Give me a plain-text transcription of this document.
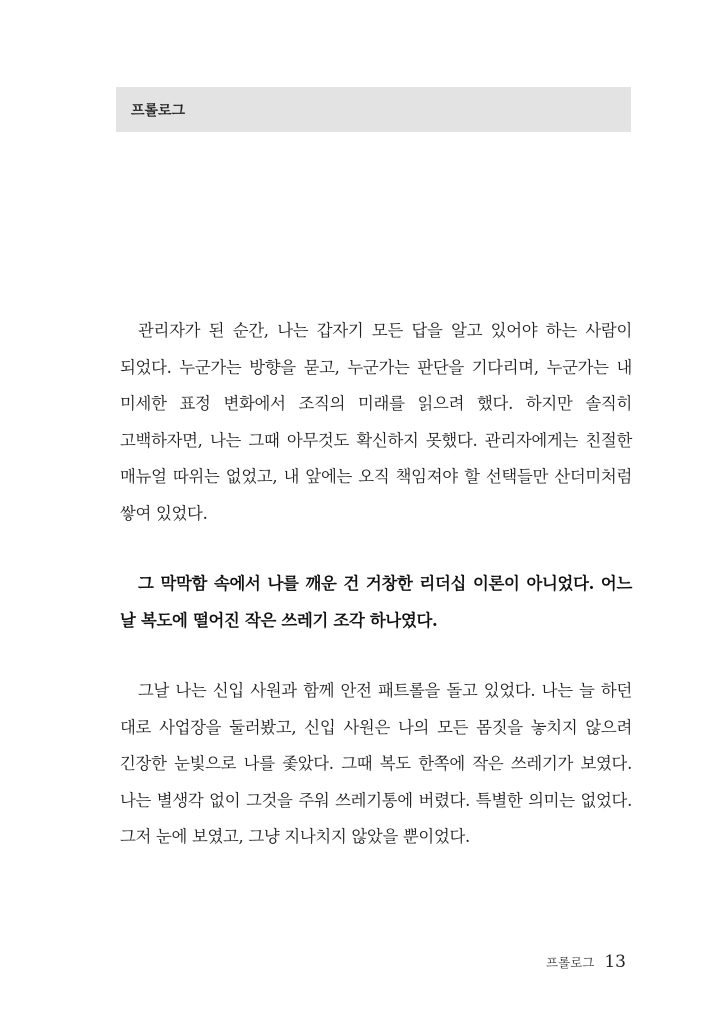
프롤로그

관리자가 된 순간, 나는 갑자기 모든 답을 알고 있어야 하는 사람이 되었다. 누군가는 방향을 묻고, 누군가는 판단을 기다리며, 누군가는 내 미세한 표정 변화에서 조직의 미래를 읽으려 했다. 하지만 솔직히 고백하자면, 나는 그때 아무것도 확신하지 못했다. 관리자에게는 친절한 매뉴얼 따위는 없었고, 내 앞에는 오직 책임져야 할 선택들만 산더미처럼 쌓여 있었다.

그 막막함 속에서 나를 깨운 건 거창한 리더십 이론이 아니었다. 어느 날 복도에 떨어진 작은 쓰레기 조각 하나였다.

그날 나는 신입 사원과 함께 안전 패트롤을 돌고 있었다. 나는 늘 하던 대로 사업장을 둘러봤고, 신입 사원은 나의 모든 몸짓을 놓치지 않으려 긴장한 눈빛으로 나를 좇았다. 그때 복도 한쪽에 작은 쓰레기가 보였다. 나는 별생각 없이 그것을 주워 쓰레기통에 버렸다. 특별한 의미는 없었다. 그저 눈에 보였고, 그냥 지나치지 않았을 뿐이었다.

프롤로그 13
